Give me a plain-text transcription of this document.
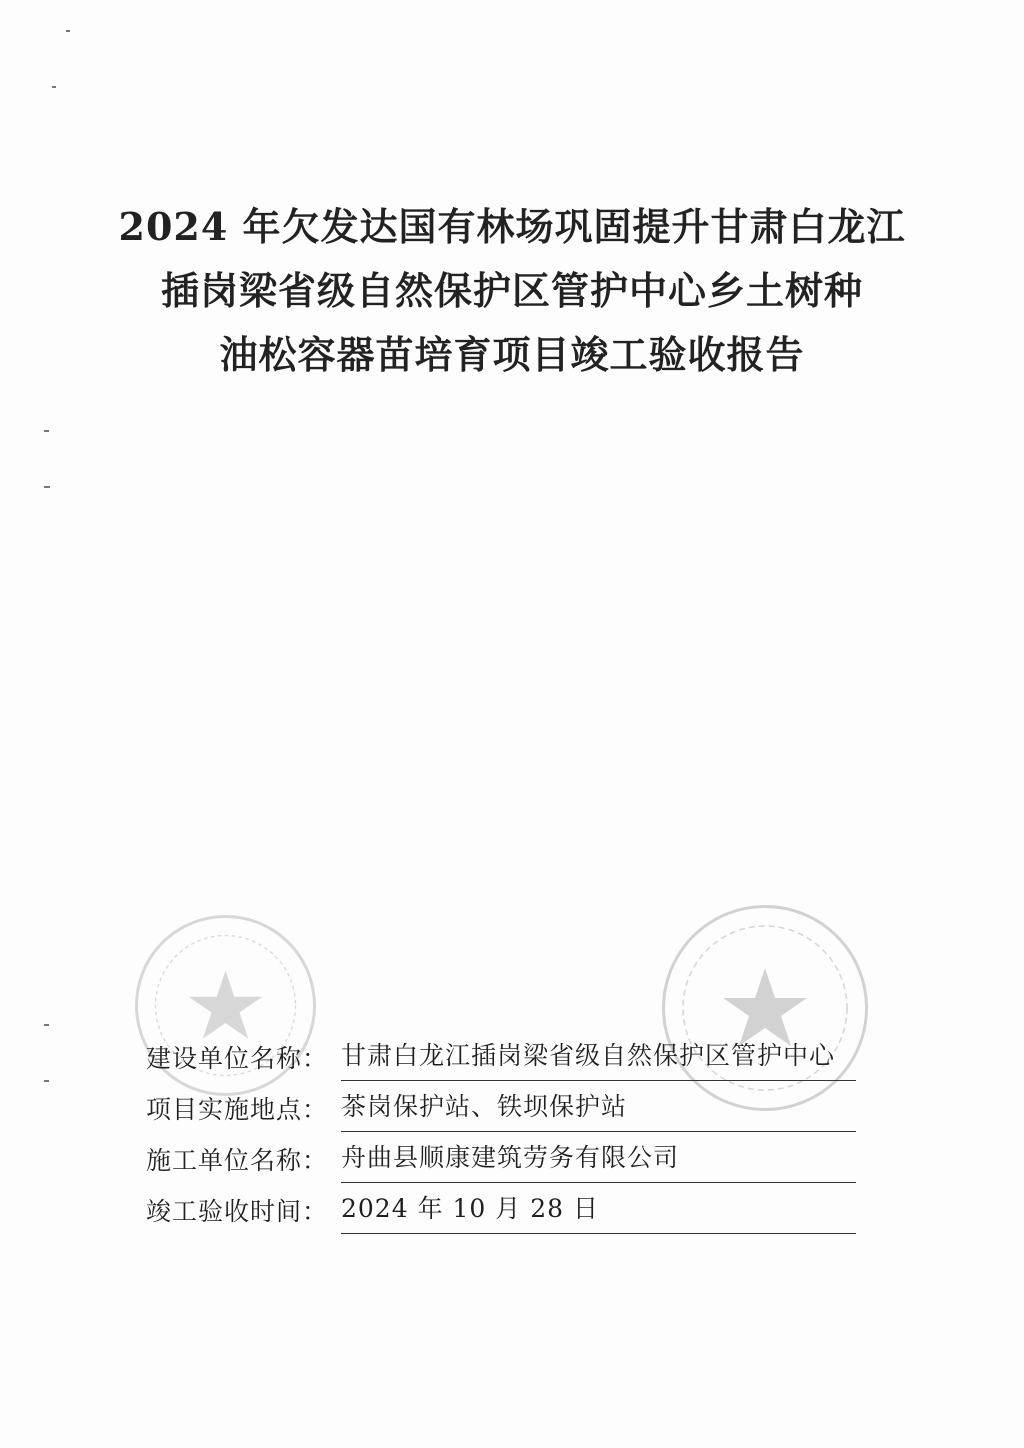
2024 年欠发达国有林场巩固提升甘肃白龙江
插岗梁省级自然保护区管护中心乡土树种
油松容器苗培育项目竣工验收报告
建设单位名称： 甘肃白龙江插岗梁省级自然保护区管护中心
项目实施地点： 茶岗保护站、铁坝保护站
施工单位名称： 舟曲县顺康建筑劳务有限公司
竣工验收时间： 2024 年 10 月 28 日
